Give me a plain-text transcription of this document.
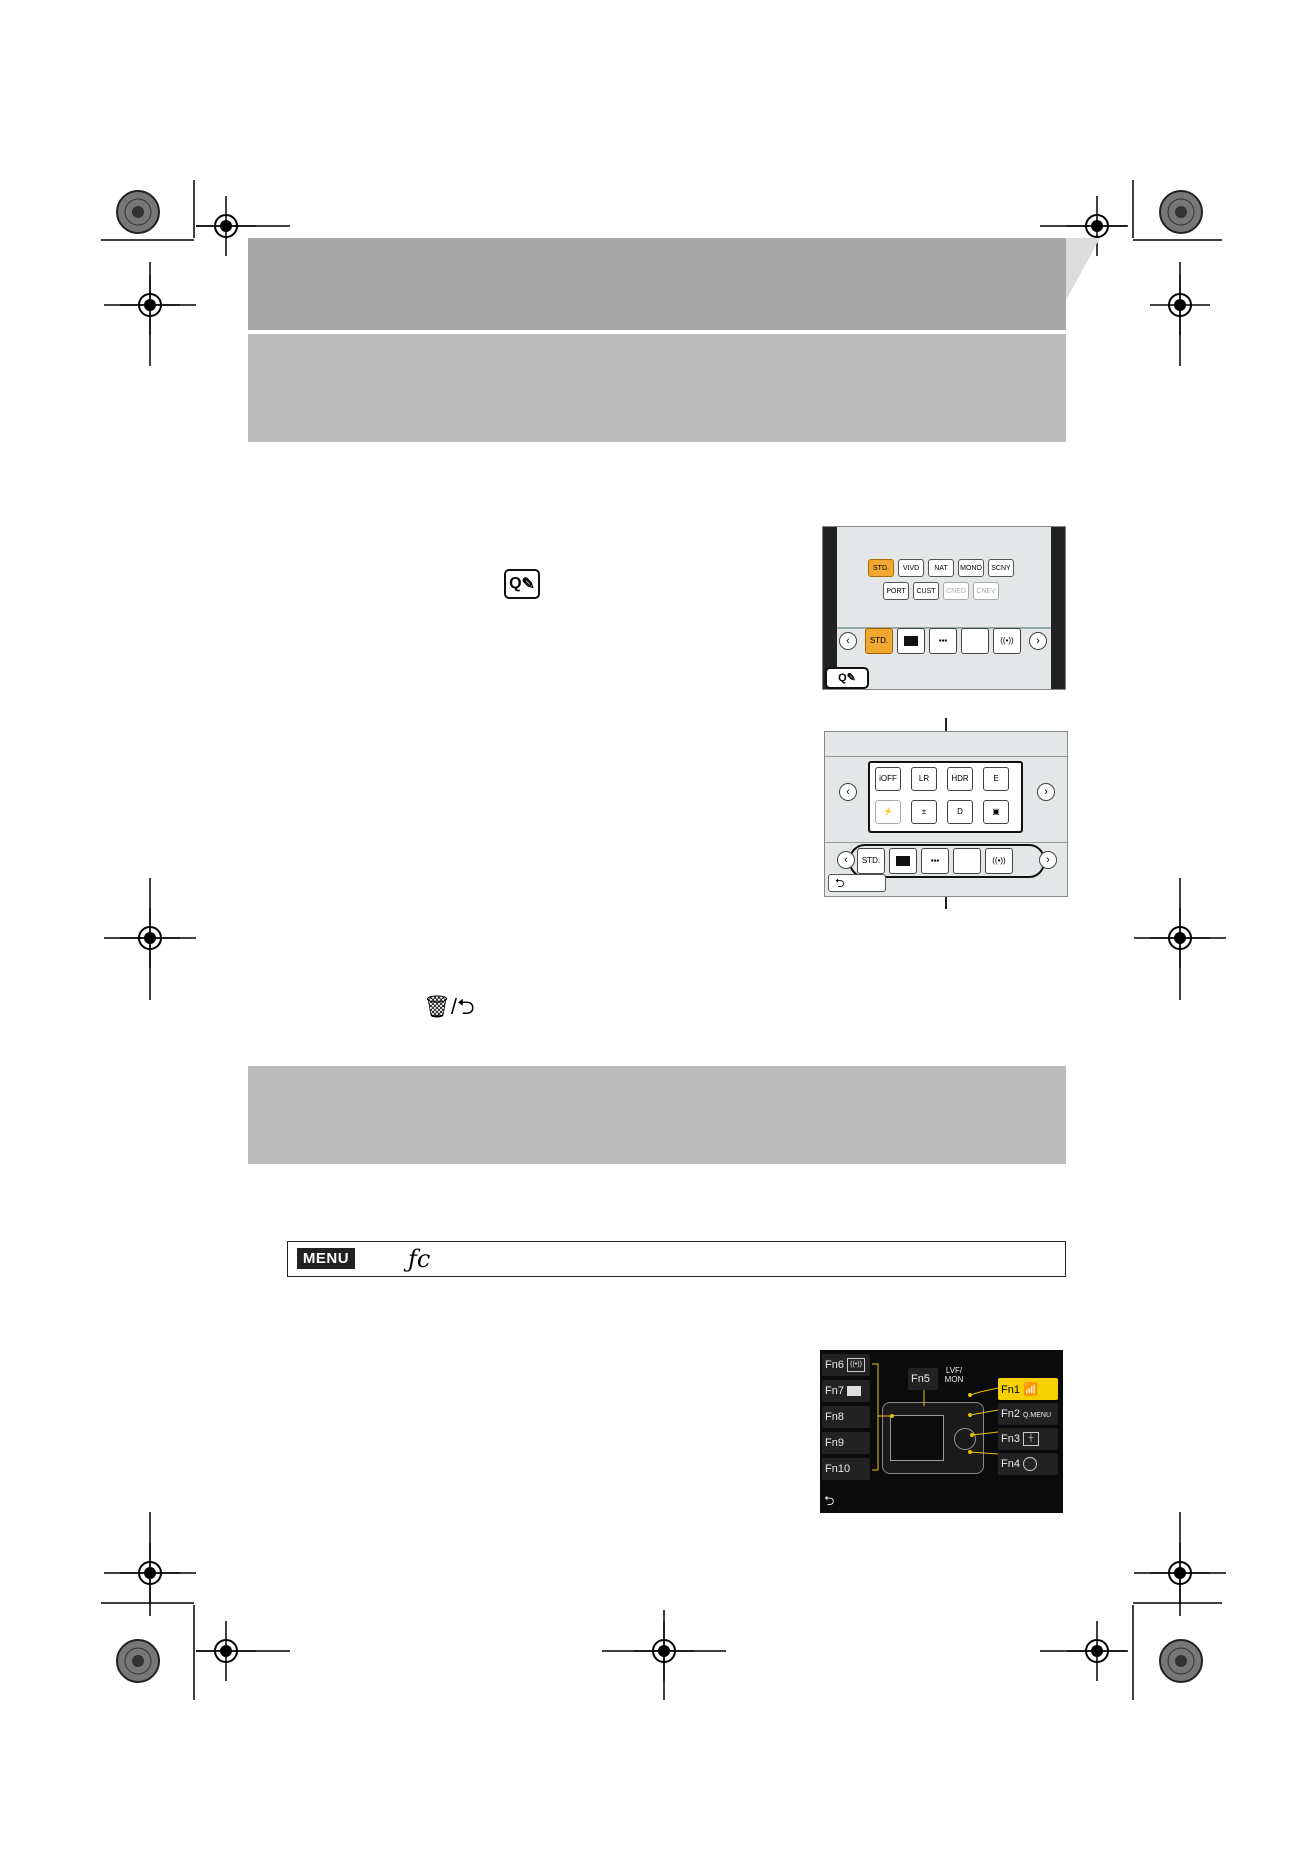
Q ✎
STD.	VIVD	NAT	MONO	SCNY
PORT	CUST	CNED	CNEV
‹	STD.	▪▪▪	((•))	›
Q✎
‹	›
iOFF	LR	HDR	E
⚡	±	D	▣
‹	›
STD.	▪▪▪	((•))
⮌
🗑/⮌
MENU ƒc
Fn6 ((•))
Fn7
Fn8
Fn9
Fn10
Fn5
LVF/ MON
Fn1 📶
Fn2 Q.MENU
Fn3 ┼
Fn4
⮌
